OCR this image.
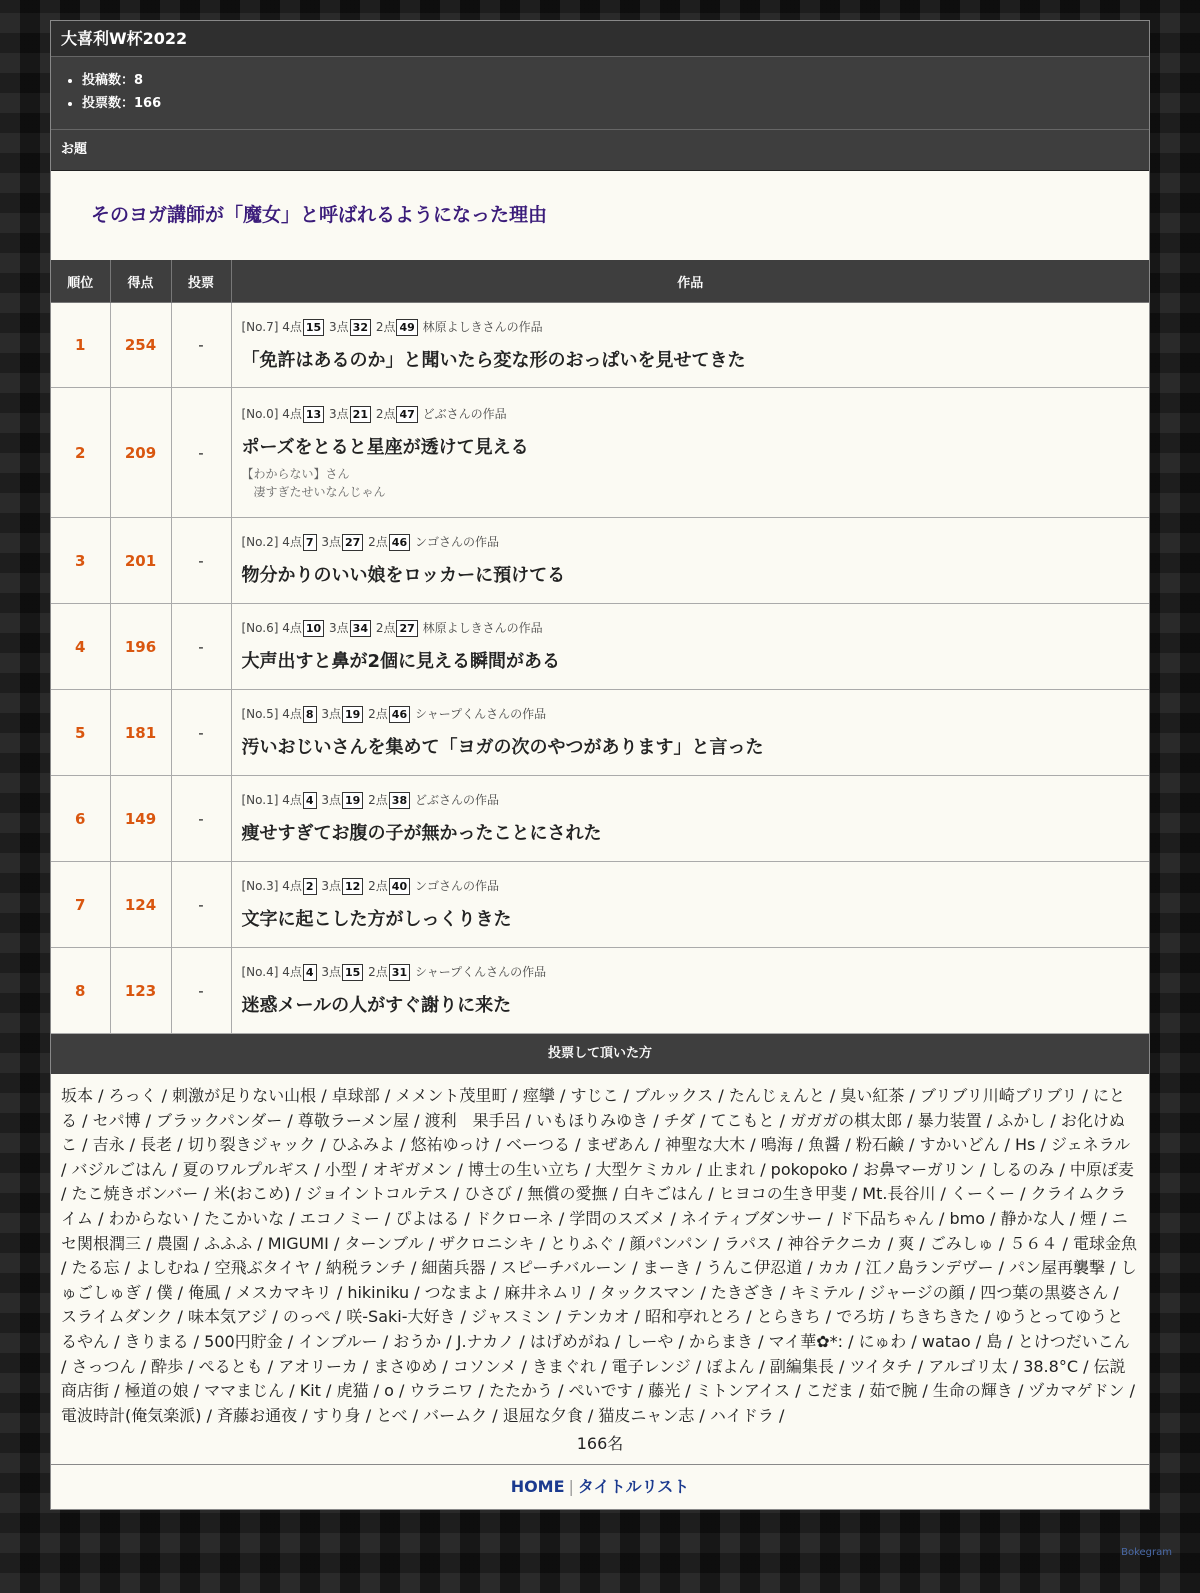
大喜利W杯2022
• 投稿数：8
• 投票数：166
お題
そのヨガ講師が「魔女」と呼ばれるようになった理由
順位	得点	投票	作品
1	254	-	[No.7] 4点 15 3点 32 2点 49 林原よしきさんの作品
「免許はあるのか」と聞いたら変な形のおっぱいを見せてきた

2	209	-	[No.0] 4点 13 3点 21 2点 47 どぶさんの作品
ポーズをとると星座が透けて見える
【わからない】さん
凄すぎたせいなんじゃん

3	201	-	[No.2] 4点 7 3点 27 2点 46 ンゴさんの作品
物分かりのいい娘をロッカーに預けてる

4	196	-	[No.6] 4点 10 3点 34 2点 27 林原よしきさんの作品
大声出すと鼻が2個に見える瞬間がある

5	181	-	[No.5] 4点 8 3点 19 2点 46 シャープくんさんの作品
汚いおじいさんを集めて「ヨガの次のやつがあります」と言った

6	149	-	[No.1] 4点 4 3点 19 2点 38 どぶさんの作品
痩せすぎてお腹の子が無かったことにされた

7	124	-	[No.3] 4点 2 3点 12 2点 40 ンゴさんの作品
文字に起こした方がしっくりきた

8	123	-	[No.4] 4点 4 3点 15 2点 31 シャープくんさんの作品
迷惑メールの人がすぐ謝りに来た
投票して頂いた方
坂本 / ろっく / 刺激が足りない山根 / 卓球部 / メメント茂里町 / 痙攣 / すじこ / ブルックス / たんじぇんと / 臭い紅茶 / ブリブリ川崎ブリブリ / にとる / セパ博 / ブラックパンダー / 尊敬ラーメン屋 / 渡利　果手呂 / いもほりみゆき / チダ / てこもと / ガガガの棋太郎 / 暴力装置 / ふかし / お化けぬこ / 吉永 / 長老 / 切り裂きジャック / ひふみよ / 悠祐ゆっけ / ベーつる / まぜあん / 神聖な大木 / 鳴海 / 魚醤 / 粉石鹸 / すかいどん / Hs / ジェネラル / バジルごはん / 夏のワルプルギス / 小型 / オギガメン / 博士の生い立ち / 大型ケミカル / 止まれ / pokopoko / お鼻マーガリン / しるのみ / 中原ぽ麦 / たこ焼きボンバー / 米(おこめ) / ジョイントコルテス / ひさび / 無償の愛撫 / 白キごはん / ヒヨコの生き甲斐 / Mt.長谷川 / くーくー / クライムクライム / わからない / たこかいな / エコノミー / ぴよはる / ドクローネ / 学問のスズメ / ネイティブダンサー / ド下品ちゃん / bmo / 静かな人 / 煙 / ニセ関根潤三 / 農園 / ふふふ / MIGUMI / ターンブル / ザクロニシキ / とりふぐ / 顔パンパン / ラパス / 神谷テクニカ / 爽 / ごみしゅ / ５６４ / 電球金魚 / たる忘 / よしむね / 空飛ぶタイヤ / 納税ランチ / 細菌兵器 / スピーチバルーン / まーき / うんこ伊忍道 / カカ / 江ノ島ランデヴー / パン屋再襲撃 / しゅごしゅぎ / 僕 / 俺風 / メスカマキリ / hikiniku / つなまよ / 麻井ネムリ / タックスマン / たきざき / キミテル / ジャージの顔 / 四つ葉の黒婆さん / スライムダンク / 味本気アジ / のっぺ / 咲-Saki-大好き / ジャスミン / テンカオ / 昭和亭れとろ / とらきち / でろ坊 / ちきちきた / ゆうとってゆうとるやん / きりまる / 500円貯金 / インブルー / おうか / J.ナカノ / はげめがね / しーや / からまき / マイ華✿*: / にゅわ / watao / 島 / とけつだいこん / さっつん / 酔歩 / ぺるとも / アオリーカ / まさゆめ / コソンメ / きまぐれ / 電子レンジ / ぽよん / 副編集長 / ツイタチ / アルゴリ太 / 38.8°C / 伝説商店街 / 極道の娘 / ママまじん / Kit / 虎猫 / o / ウラニワ / たたかう / ぺいです / 藤光 / ミトンアイス / こだま / 茹で腕 / 生命の輝き / ヅカマゲドン / 電波時計(俺気楽派) / 斉藤お通夜 / すり身 / とべ / バームク / 退屈な夕食 / 猫皮ニャン志 / ハイドラ /
166名
HOME | タイトルリスト
Bokegram
